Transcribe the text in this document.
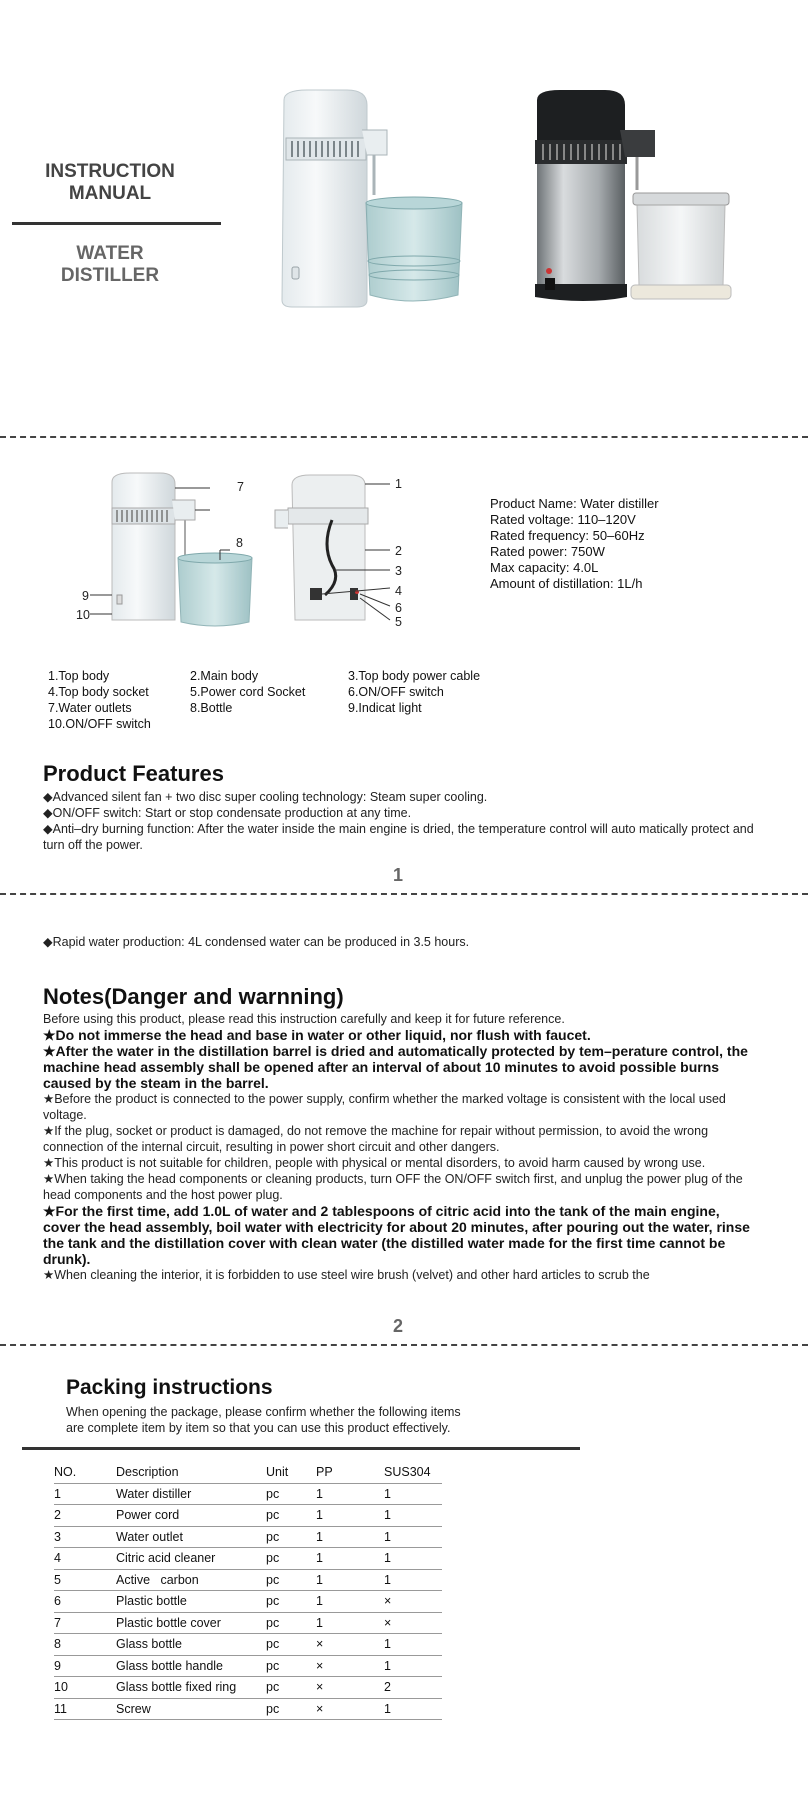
INSTRUCTION
MANUAL
WATER
DISTILLER
7
8
9
10
1
2
3
4
6
5
Product Name: Water distiller
Rated voltage: 110–120V
Rated frequency: 50–60Hz
Rated power: 750W
Max capacity: 4.0L
Amount of distillation: 1L/h
1.Top body	2.Main body	3.Top body power cable
4.Top body socket	5.Power cord Socket	6.ON/OFF switch
7.Water outlets	8.Bottle	9.Indicat light
10.ON/OFF switch
Product Features
◆Advanced silent fan + two disc super cooling technology: Steam super cooling.
◆ON/OFF switch: Start or stop condensate production at any time.
◆Anti–dry burning function: After the water inside the main engine is dried, the temperature control will auto matically protect and turn off the power.
1
◆Rapid water production: 4L condensed water can be produced in 3.5 hours.
Notes(Danger and warnning)
Before using this product, please read this instruction carefully and keep it for future reference.
★Do not immerse the head and base in water or other liquid, nor flush with faucet.
★After the water in the distillation barrel is dried and automatically protected by tem–perature control, the machine head assembly shall be opened after an interval of about 10 minutes to avoid possible burns caused by the steam in the barrel.
★Before the product is connected to the power supply, confirm whether the marked voltage is consistent with the local used voltage.
★If the plug, socket or product is damaged, do not remove the machine for repair without permission, to avoid the wrong connection of the internal circuit, resulting in power short circuit and other dangers.
★This product is not suitable for children, people with physical or mental disorders, to avoid harm caused by wrong use.
★When taking the head components or cleaning products, turn OFF the ON/OFF switch first, and unplug the power plug of the head components and the host power plug.
★For the first time, add 1.0L of water and 2 tablespoons of citric acid into the tank of the main engine, cover the head assembly, boil water with electricity for about 20 minutes, after pouring out the water, rinse the tank and the distillation cover with clean water (the distilled water made for the first time cannot be drunk).
★When cleaning the interior, it is forbidden to use steel wire brush (velvet) and other hard articles to scrub the
2
Packing instructions
When opening the package, please confirm whether the following items
are complete item by item so that you can use this product effectively.
NO.	Description	Unit	PP	SUS304
1	Water distiller	pc	1	1
2	Power cord	pc	1	1
3	Water outlet	pc	1	1
4	Citric acid cleaner	pc	1	1
5	Active   carbon	pc	1	1
6	Plastic bottle	pc	1	×
7	Plastic bottle cover	pc	1	×
8	Glass bottle	pc	×	1
9	Glass bottle handle	pc	×	1
10	Glass bottle fixed ring	pc	×	2
11	Screw	pc	×	1
